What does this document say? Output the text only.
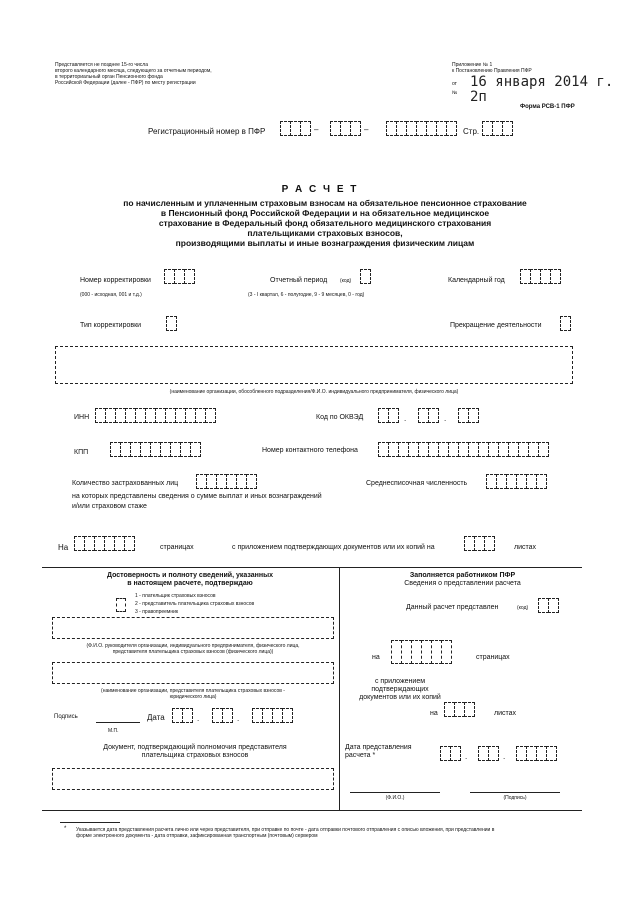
Представляется не позднее 15-го числа
второго календарного месяца, следующего за отчетным периодом,
в территориальный орган Пенсионного фонда
Российской Федерации (далее - ПФР) по месту регистрации
Приложение № 1
к Постановлению Правления ПФР
от
№
16 января 2014 г.
2п
Форма РСВ-1 ПФР
Регистрационный номер в ПФР	–	–	Стр.
Р А С Ч Е Т
по начисленным и уплаченным страховым взносам на обязательное пенсионное страхование
в Пенсионный фонд Российской Федерации и на обязательное медицинское
страхование в Федеральный фонд обязательного медицинского страхования
плательщиками страховых взносов,
производящими выплаты и иные вознаграждения физическим лицам
Номер корректировки
(000 - исходная, 001 и т.д.)
Отчетный период	(код)
(3 - I квартал, 6 - полугодие, 9 - 9 месяцев, 0 - год)
Календарный год
Тип корректировки	Прекращение деятельности
(наименование организации, обособленного подразделения/Ф.И.О. индивидуального предпринимателя, физического лица)
ИНН	Код по ОКВЭД	.	.
КПП	Номер контактного телефона
Количество застрахованных лиц
на которых представлены сведения о сумме выплат и иных вознаграждений
и/или страховом стаже
Среднесписочная численность
На	страницах	с приложением подтверждающих документов или их копий на	листах
Достоверность и полноту сведений, указанных
в настоящем расчете, подтверждаю
1 - плательщик страховых взносов
2 - представитель плательщика страховых взносов
3 - правопреемник
(Ф.И.О. руководителя организации, индивидуального предпринимателя, физического лица,
представителя плательщика страховых взносов (физического лица))
(наименование организации, представителя плательщика страховых взносов -
юридического лица)
Подпись
М.П.
Дата	.	.
Документ, подтверждающий полномочия представителя
плательщика страховых взносов
Заполняется работником ПФР
Сведения о представлении расчета
Данный расчет представлен	(код)
на	страницах
с приложением
подтверждающих
документов или их копий
на	листах
Дата представления
расчета *	.	.
(Ф.И.О.)	(Подпись)
* Указывается дата представления расчета лично или через представителя, при отправке по почте - дата отправки почтового отправления с описью вложения, при представлении в
форме электронного документа - дата отправки, зафиксированная транспортным (почтовым) сервером
